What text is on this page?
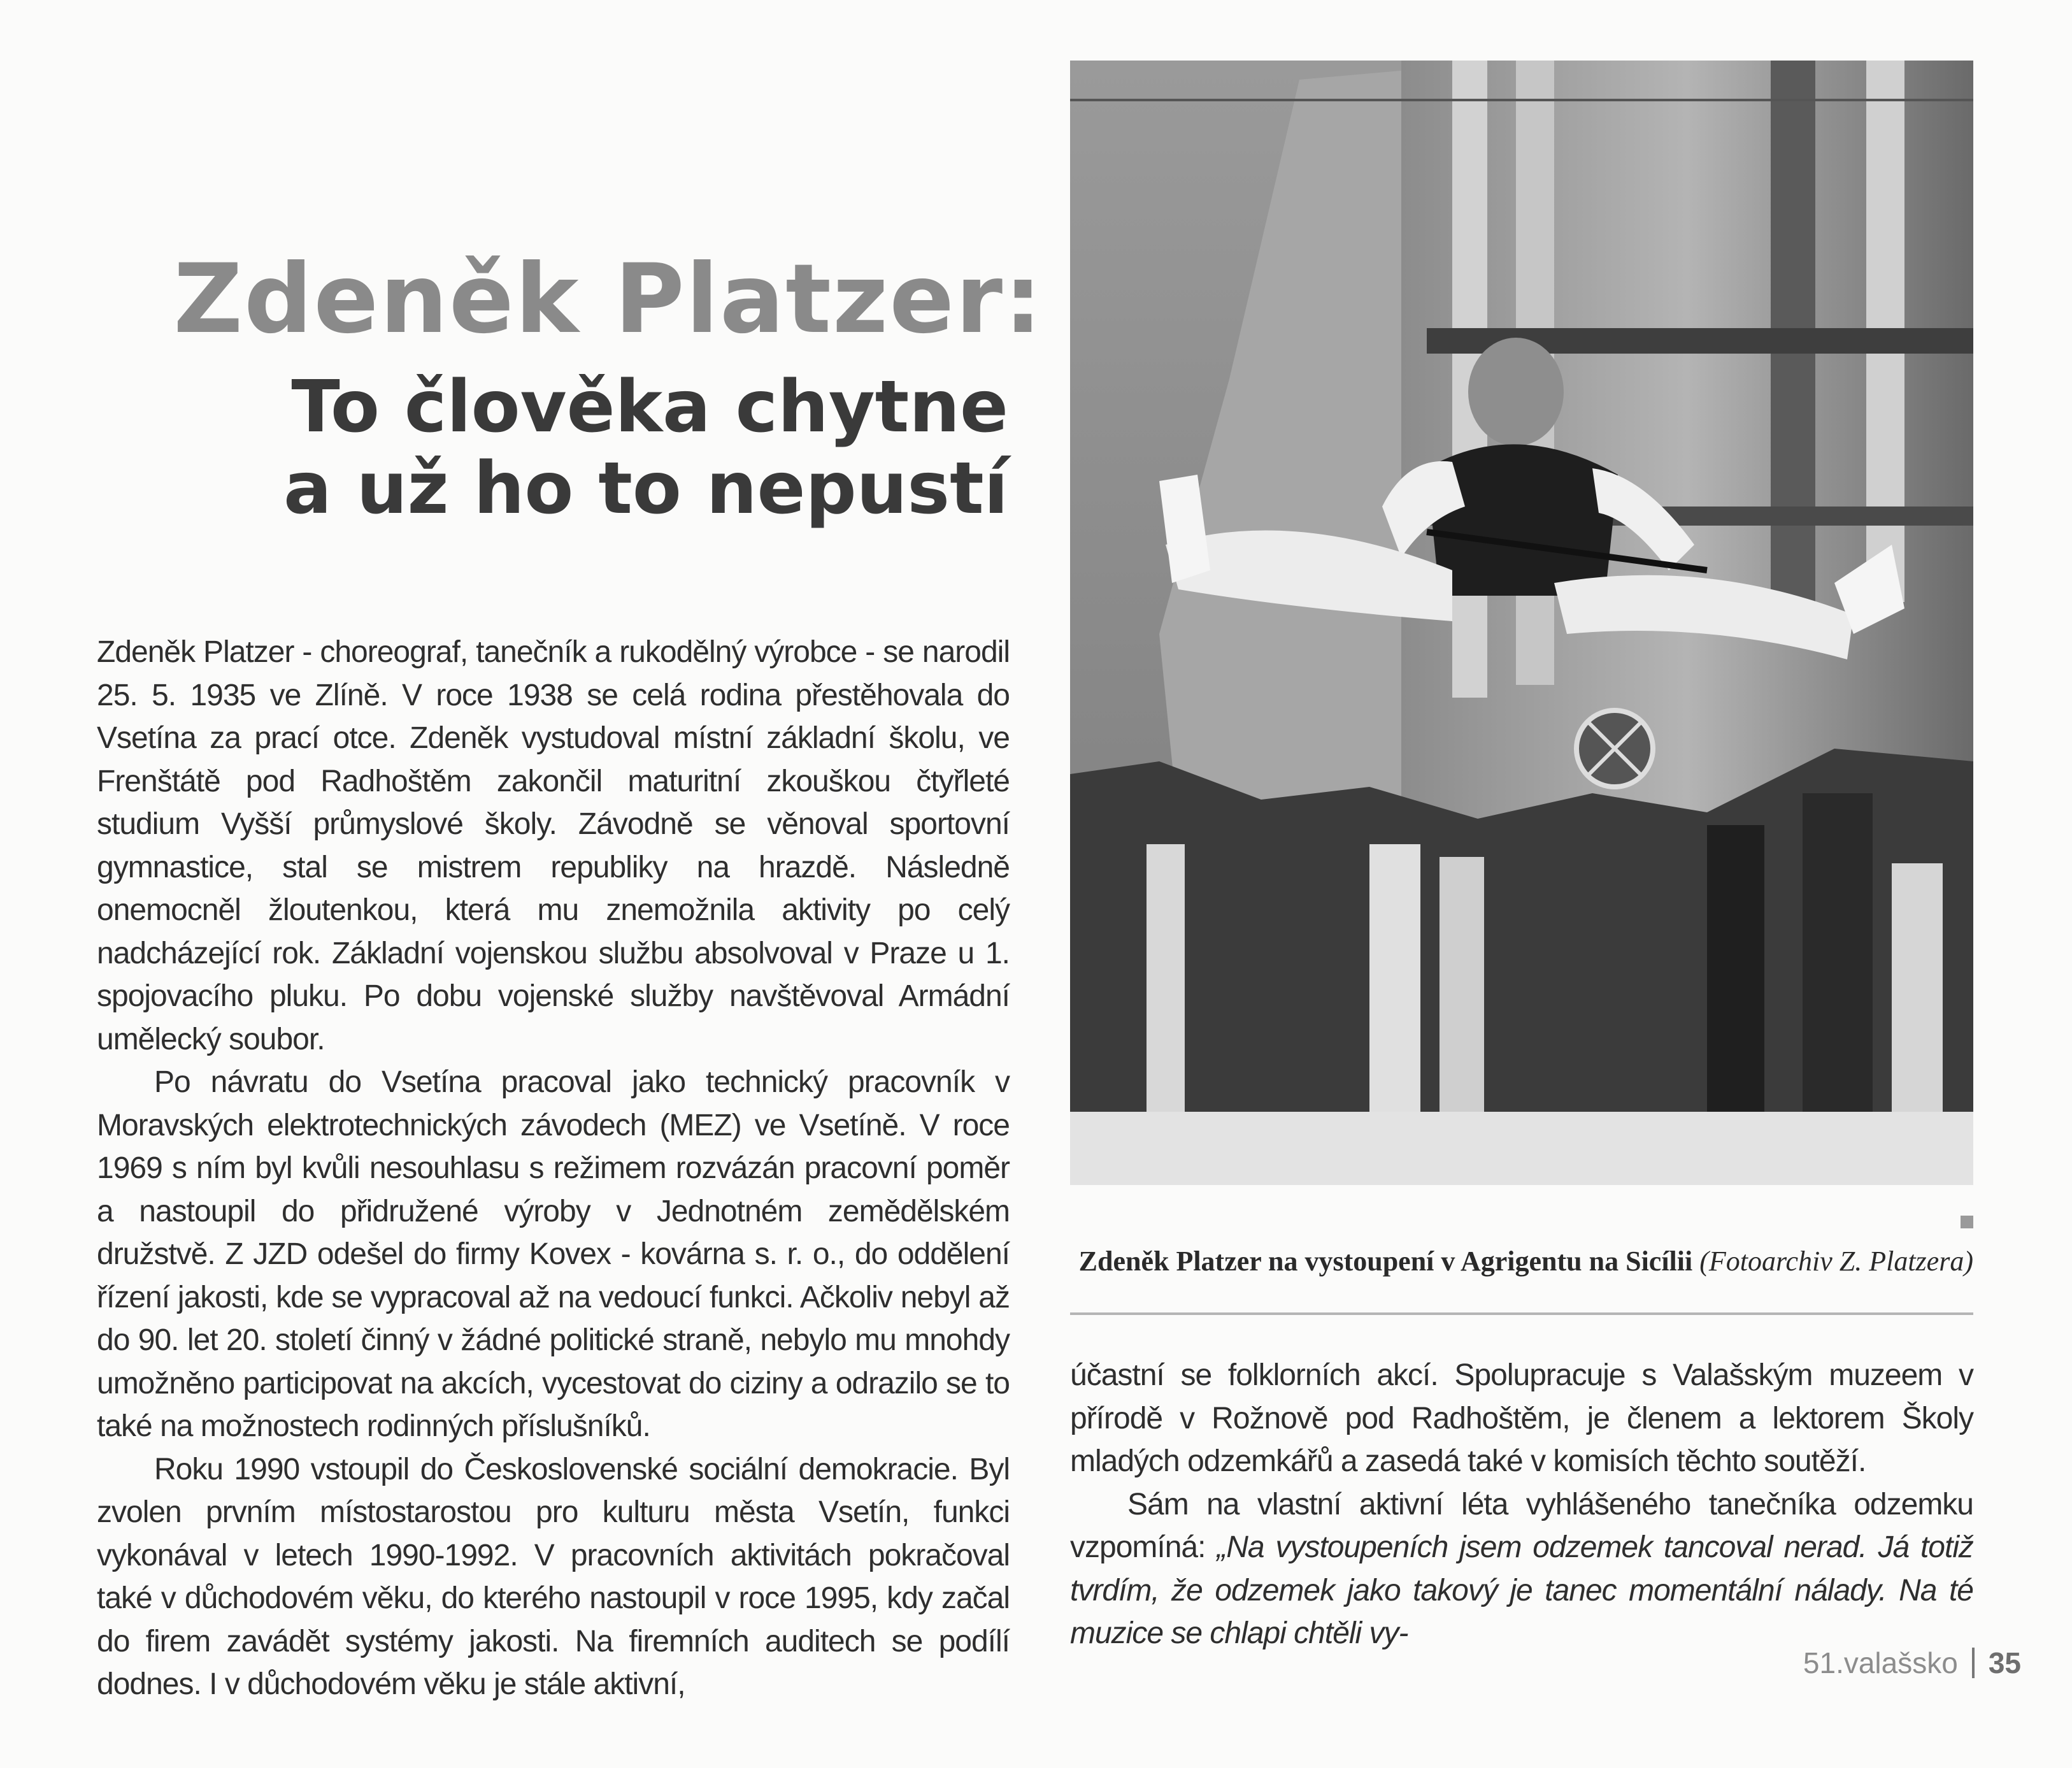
Zdeněk Platzer:
To člověka chytne
a už ho to nepustí

Zdeněk Platzer - choreograf, tanečník a rukodělný výrobce - se narodil 25. 5. 1935 ve Zlíně. V roce 1938 se celá rodina přestěhovala do Vsetína za prací otce. Zdeněk vystudoval místní základní školu, ve Frenštátě pod Radhoštěm zakončil maturitní zkouškou čtyřleté studium Vyšší průmyslové školy. Závodně se věnoval sportovní gymnastice, stal se mistrem republiky na hrazdě. Následně onemocněl žloutenkou, která mu znemožnila aktivity po celý nadcházející rok. Základní vojenskou službu absolvoval v Praze u 1. spojovacího pluku. Po dobu vojenské služby navštěvoval Armádní umělecký soubor.

Po návratu do Vsetína pracoval jako technický pracovník v Moravských elektrotechnických závodech (MEZ) ve Vsetíně. V roce 1969 s ním byl kvůli nesouhlasu s režimem rozvázán pracovní poměr a nastoupil do přidružené výroby v Jednotném zemědělském družstvě. Z JZD odešel do firmy Kovex - kovárna s. r. o., do oddělení řízení jakosti, kde se vypracoval až na vedoucí funkci. Ačkoliv nebyl až do 90. let 20. století činný v žádné politické straně, nebylo mu mnohdy umožněno participovat na akcích, vycestovat do ciziny a odrazilo se to také na možnostech rodinných příslušníků.

Roku 1990 vstoupil do Československé sociální demokracie. Byl zvolen prvním místostarostou pro kulturu města Vsetín, funkci vykonával v letech 1990-1992. V pracovních aktivitách pokračoval také v důchodovém věku, do kterého nastoupil v roce 1995, kdy začal do firem zavádět systémy jakosti. Na firemních auditech se podílí dodnes. I v důchodovém věku je stále aktivní,

Zdeněk Platzer na vystoupení v Agrigentu na Sicílii (Fotoarchiv Z. Platzera)

účastní se folklorních akcí. Spolupracuje s Valašským muzeem v přírodě v Rožnově pod Radhoštěm, je členem a lektorem Školy mladých odzemkářů a zasedá také v komisích těchto soutěží.

Sám na vlastní aktivní léta vyhlášeného tanečníka odzemku vzpomíná: „Na vystoupeních jsem odzemek tancoval nerad. Já totiž tvrdím, že odzemek jako takový je tanec momentální nálady. Na té muzice se chlapi chtěli vy-

51.valašsko 35
